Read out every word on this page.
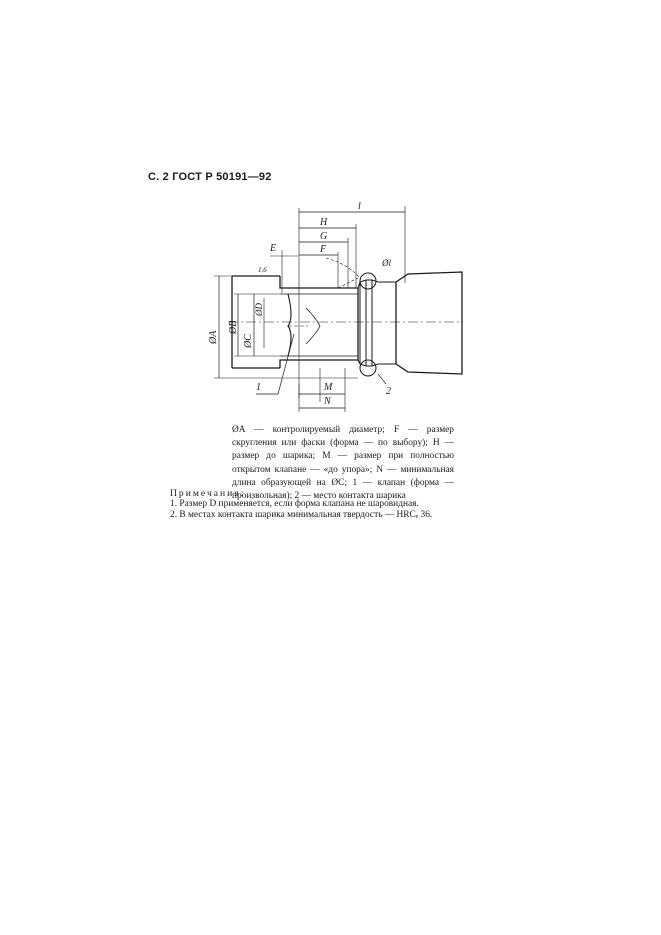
С. 2 ГОСТ Р 50191—92
l
H
G
F
E
1,6
Øl
M
N
1	2
ØA
ØB
ØC
ØD
ØA — контролируемый диаметр; F — размер скругления или фаски (форма — по выбору); H — размер до шарика; M — размер при полностью открытом клапане — «до упора»; N — минимальная длина образующей на ØC; 1 — клапан (форма — произвольная); 2 — место контакта шарика
Примечания:
1. Размер D применяется, если форма клапана не шаровидная.
2. В местах контакта шарика минимальная твердость — HRCₑ 36.
